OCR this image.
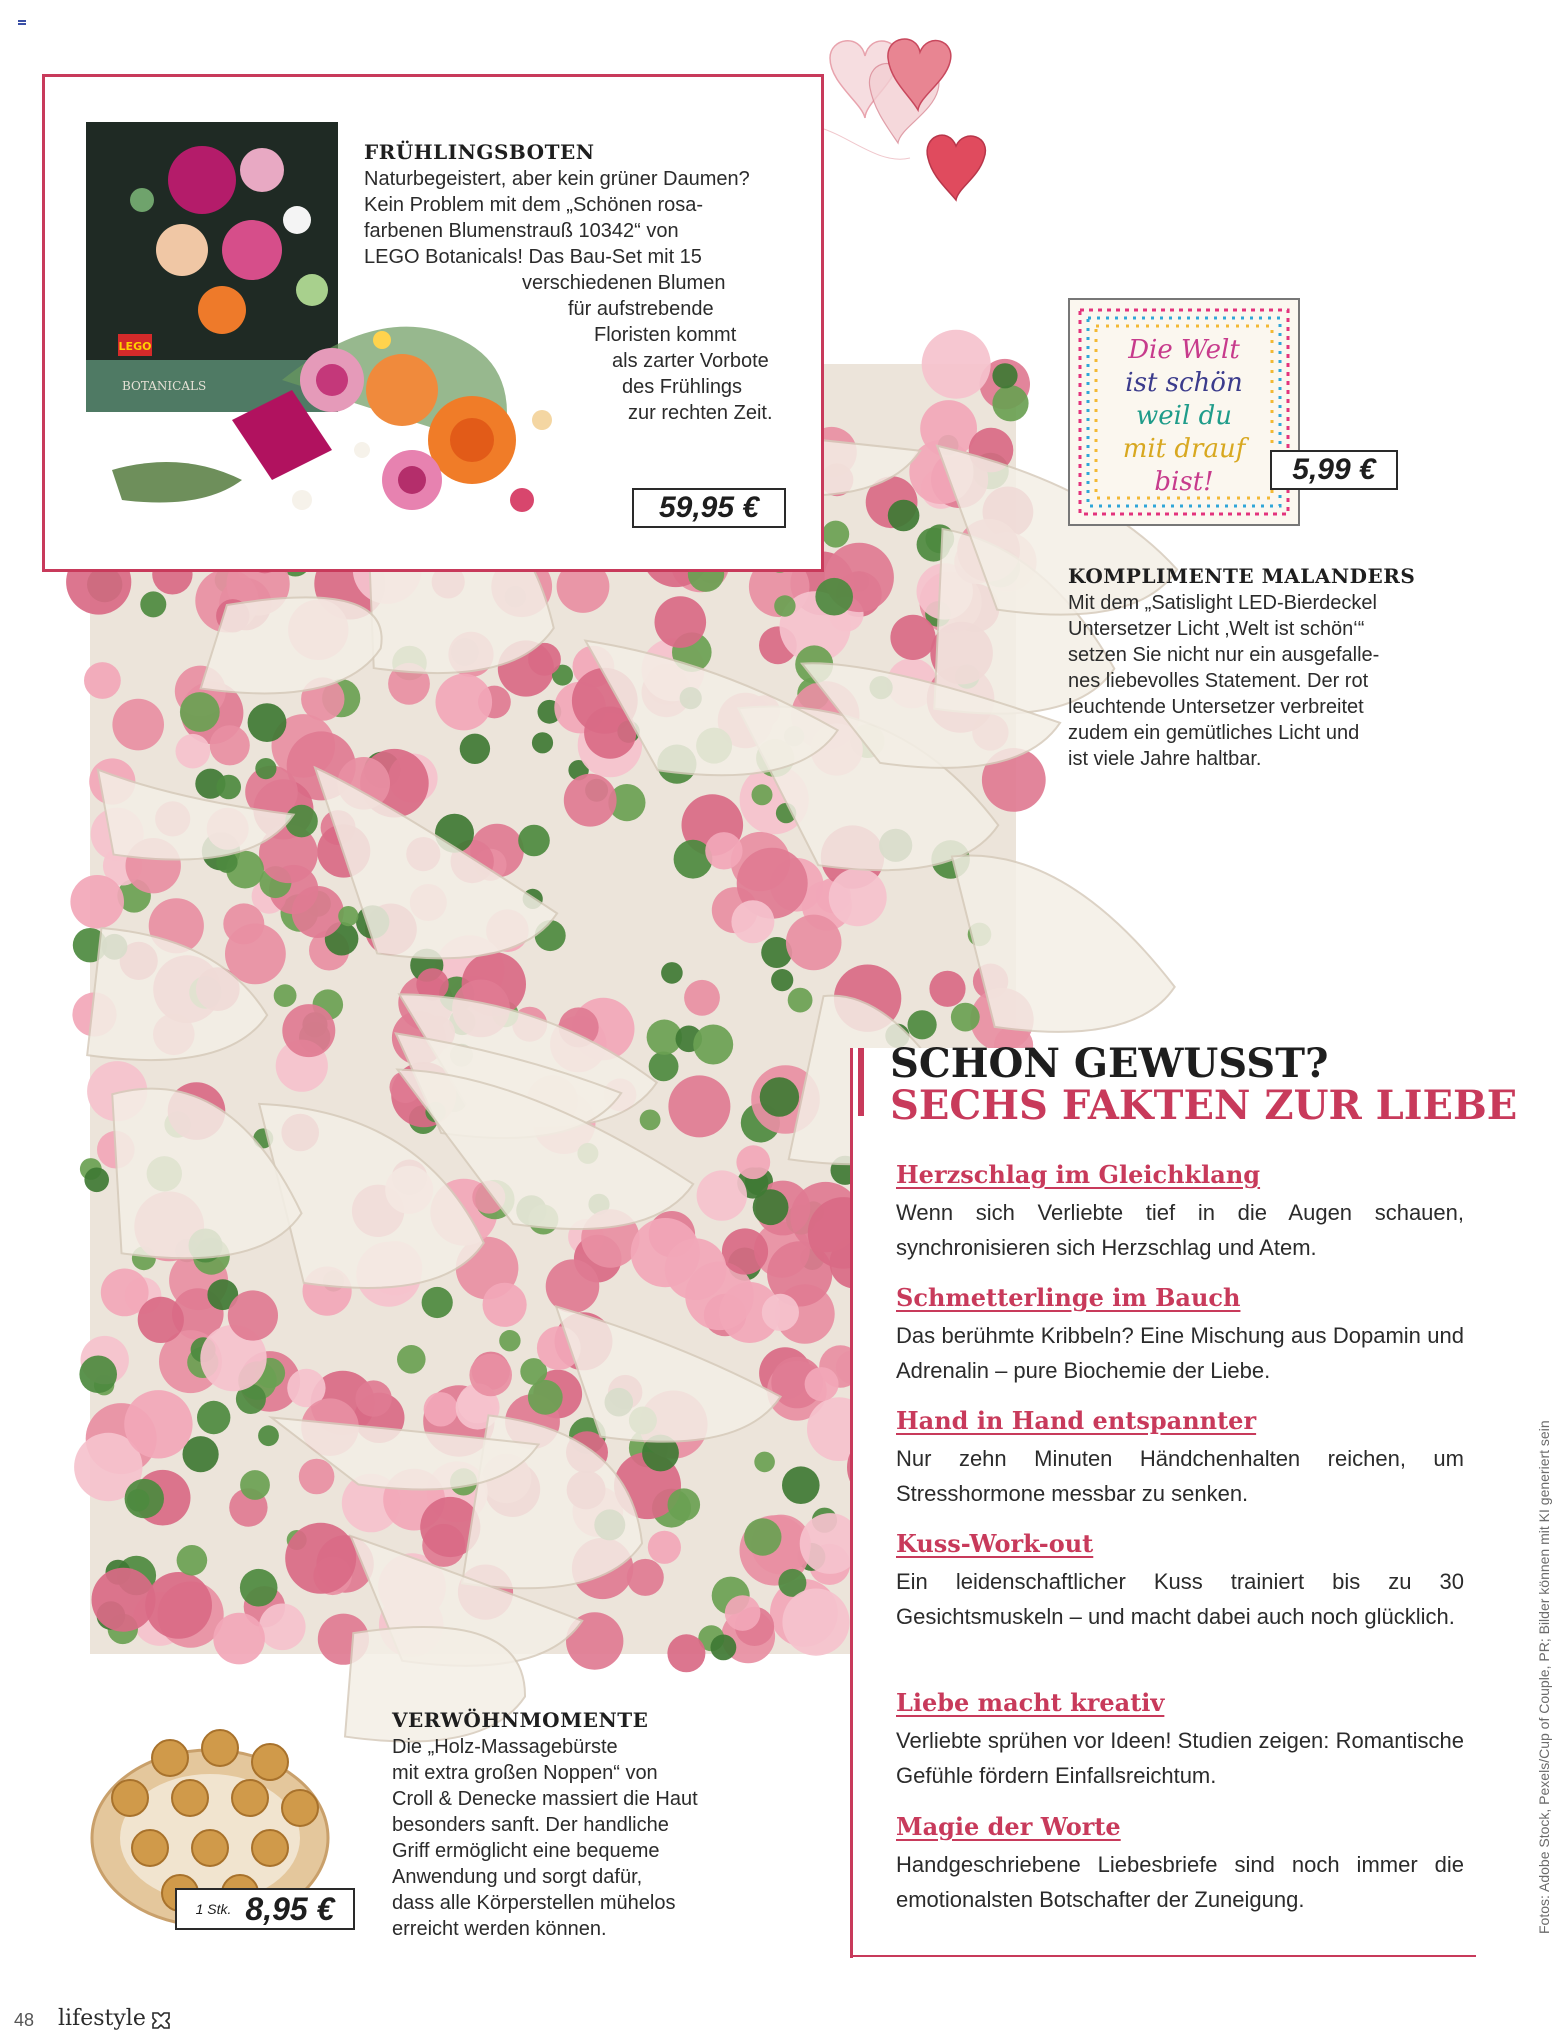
LEGO
BOTANICALS
FRÜHLINGSBOTEN

Naturbegeistert, aber kein grüner Daumen?

Kein Problem mit dem „Schönen rosa-

farbenen Blumenstrauß 10342“ von

LEGO Botanicals! Das Bau-Set mit 15

verschiedenen Blumen

für aufstrebende

Floristen kommt

als zarter Vorbote

des Frühlings

zur rechten Zeit.

59,95 €
Die Welt
ist schön
weil du
mit drauf
bist!	5,99 €
KOMPLIMENTE MALANDERS

Mit dem „Satislight LED-Bierdeckel

Untersetzer Licht ‚Welt ist schön‘“

setzen Sie nicht nur ein ausgefalle-

nes liebevolles Statement. Der rot

leuchtende Untersetzer verbreitet

zudem ein gemütliches Licht und

ist viele Jahre haltbar.

SCHON GEWUSST?
SECHS FAKTEN ZUR LIEBE
Herzschlag im Gleichklang

Wenn sich Verliebte tief in die Augen schauen, synchronisieren sich Herzschlag und Atem.

Schmetterlinge im Bauch

Das berühmte Kribbeln? Eine Mischung aus Dopamin und Adrenalin – pure Biochemie der Liebe.

Hand in Hand entspannter

Nur zehn Minuten Händchenhalten reichen, um Stresshormone messbar zu senken.

Kuss-Work-out

Ein leidenschaftlicher Kuss trainiert bis zu 30 Gesichtsmuskeln – und macht dabei auch noch glücklich.

Liebe macht kreativ

Verliebte sprühen vor Ideen! Studien zeigen: Romantische Gefühle fördern Einfallsreichtum.

Magie der Worte

Handgeschriebene Liebesbriefe sind noch immer die emotionalsten Botschafter der Zuneigung.

1 Stk. 8,95 €
VERWÖHNMOMENTE

Die „Holz-Massagebürste

mit extra großen Noppen“ von

Croll & Denecke massiert die Haut

besonders sanft. Der handliche

Griff ermöglicht eine bequeme

Anwendung und sorgt dafür,

dass alle Körperstellen mühelos

erreicht werden können.	Fotos: Adobe Stock, Pexels/Cup of Couple, PR; Bilder können mit KI generiert sein
48 lifestyle
